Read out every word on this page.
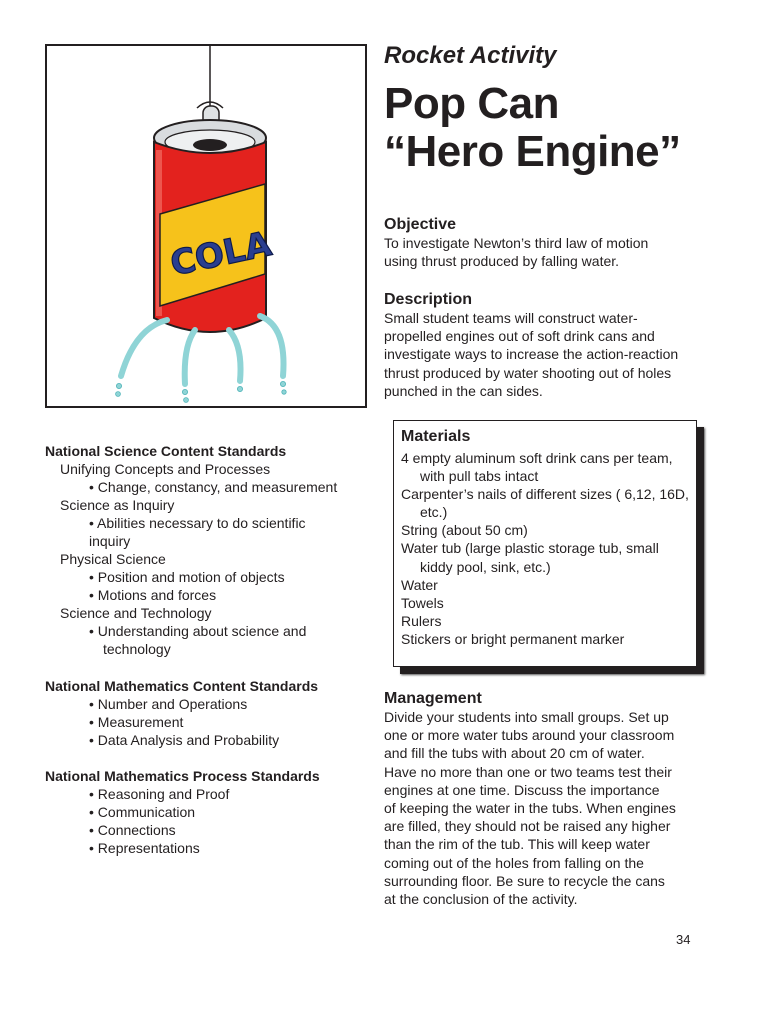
COLA
Rocket Activity
Pop Can
“Hero Engine”
Objective
To investigate Newton’s third law of motion
using thrust produced by falling water.
Description
Small student teams will construct water-
propelled engines out of soft drink cans and
investigate ways to increase the action-reaction
thrust produced by water shooting out of holes
punched in the can sides.
Materials
4 empty aluminum soft drink cans per team, with pull tabs intact
Carpenter’s nails of different sizes ( 6,12, 16D, etc.)
String (about 50 cm)
Water tub (large plastic storage tub, small kiddy pool, sink, etc.)
Water
Towels
Rulers
Stickers or bright permanent marker
Management
Divide your students into small groups. Set up
one or more water tubs around your classroom
and fill the tubs with about 20 cm of water.
Have no more than one or two teams test their
engines at one time. Discuss the importance
of keeping the water in the tubs. When engines
are filled, they should not be raised any higher
than the rim of the tub. This will keep water
coming out of the holes from falling on the
surrounding floor. Be sure to recycle the cans
at the conclusion of the activity.
National Science Content Standards
Unifying Concepts and Processes
• Change, constancy, and measurement
Science as Inquiry
• Abilities necessary to do scientific
inquiry
Physical Science
• Position and motion of objects
• Motions and forces
Science and Technology
• Understanding about science and
technology
National Mathematics Content Standards
• Number and Operations
• Measurement
• Data Analysis and Probability
National Mathematics Process Standards
• Reasoning and Proof
• Communication
• Connections
• Representations
34
